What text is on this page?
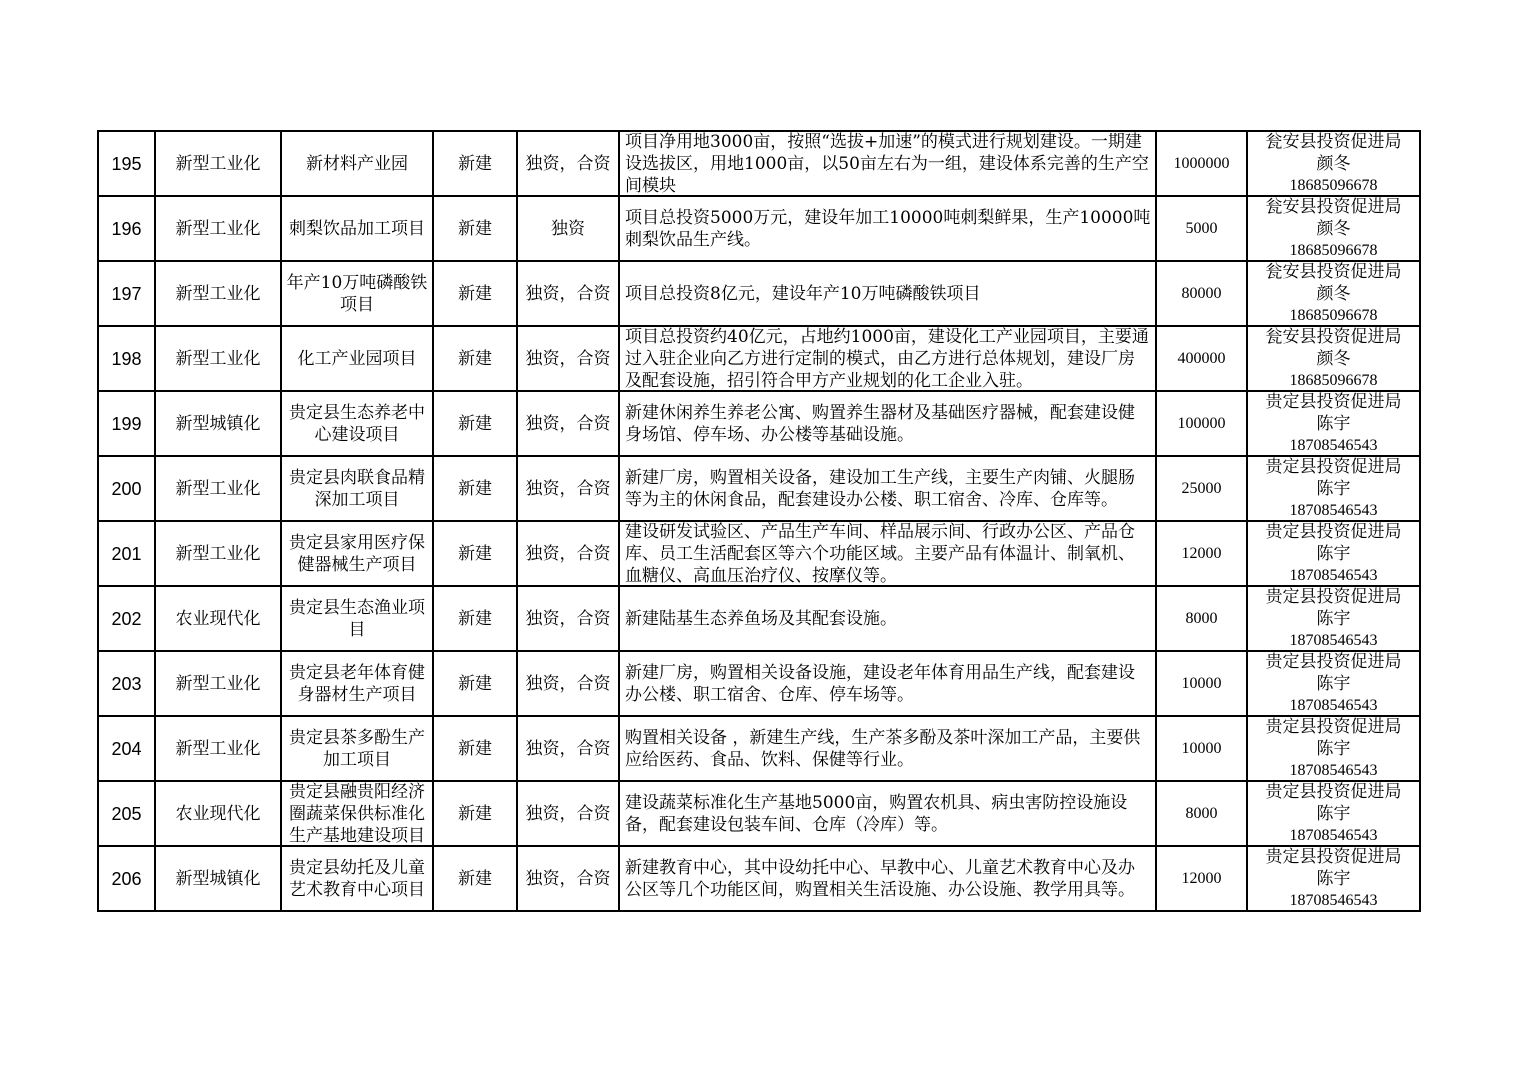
195	新型工业化	新材料产业园	新建	独资，合资	项目净用地3000亩，按照“选拔+加速”的模式进行规划建设。一期建设选拔区，用地1000亩，以50亩左右为一组，建设体系完善的生产空间模块	1000000	瓮安县投资促进局
颜冬
18685096678

196	新型工业化	刺梨饮品加工项目	新建	独资	项目总投资5000万元，建设年加工10000吨刺梨鲜果，生产10000吨刺梨饮品生产线。	5000	瓮安县投资促进局
颜冬
18685096678

197	新型工业化	年产10万吨磷酸铁项目	新建	独资，合资	项目总投资8亿元，建设年产10万吨磷酸铁项目	80000	瓮安县投资促进局
颜冬
18685096678

198	新型工业化	化工产业园项目	新建	独资，合资	项目总投资约40亿元，占地约1000亩，建设化工产业园项目，主要通过入驻企业向乙方进行定制的模式，由乙方进行总体规划，建设厂房及配套设施，招引符合甲方产业规划的化工企业入驻。	400000	瓮安县投资促进局
颜冬
18685096678

199	新型城镇化	贵定县生态养老中心建设项目	新建	独资，合资	新建休闲养生养老公寓、购置养生器材及基础医疗器械，配套建设健身场馆、停车场、办公楼等基础设施。	100000	贵定县投资促进局
陈宇
18708546543

200	新型工业化	贵定县肉联食品精深加工项目	新建	独资，合资	新建厂房，购置相关设备，建设加工生产线，主要生产肉铺、火腿肠等为主的休闲食品，配套建设办公楼、职工宿舍、冷库、仓库等。	25000	贵定县投资促进局
陈宇
18708546543

201	新型工业化	贵定县家用医疗保健器械生产项目	新建	独资，合资	建设研发试验区、产品生产车间、样品展示间、行政办公区、产品仓库、员工生活配套区等六个功能区域。主要产品有体温计、制氧机、血糖仪、高血压治疗仪、按摩仪等。	12000	贵定县投资促进局
陈宇
18708546543

202	农业现代化	贵定县生态渔业项目	新建	独资，合资	新建陆基生态养鱼场及其配套设施。	8000	贵定县投资促进局
陈宇
18708546543

203	新型工业化	贵定县老年体育健身器材生产项目	新建	独资，合资	新建厂房，购置相关设备设施，建设老年体育用品生产线，配套建设办公楼、职工宿舍、仓库、停车场等。	10000	贵定县投资促进局
陈宇
18708546543

204	新型工业化	贵定县茶多酚生产加工项目	新建	独资，合资	购置相关设备 ，新建生产线，生产茶多酚及茶叶深加工产品，主要供应给医药、食品、饮料、保健等行业。	10000	贵定县投资促进局
陈宇
18708546543

205	农业现代化	贵定县融贵阳经济圈蔬菜保供标准化生产基地建设项目	新建	独资，合资	建设蔬菜标准化生产基地5000亩，购置农机具、病虫害防控设施设备，配套建设包装车间、仓库（冷库）等。	8000	贵定县投资促进局
陈宇
18708546543

206	新型城镇化	贵定县幼托及儿童艺术教育中心项目	新建	独资，合资	新建教育中心，其中设幼托中心、早教中心、儿童艺术教育中心及办公区等几个功能区间，购置相关生活设施、办公设施、教学用具等。	12000	贵定县投资促进局
陈宇
18708546543
